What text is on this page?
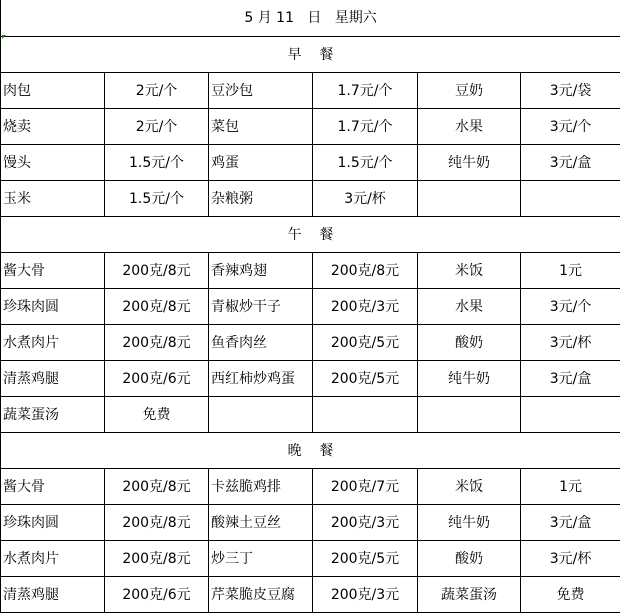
5 月 11 日 星期六					
早    餐					
肉包	2元/个	豆沙包	1.7元/个	豆奶	3元/袋
烧卖	2元/个	菜包	1.7元/个	水果	3元/个
馒头	1.5元/个	鸡蛋	1.5元/个	纯牛奶	3元/盒
玉米	1.5元/个	杂粮粥	3元/杯		
午    餐					
酱大骨	200克/8元	香辣鸡翅	200克/8元	米饭	1元
珍珠肉圆	200克/8元	青椒炒干子	200克/3元	水果	3元/个
水煮肉片	200克/8元	鱼香肉丝	200克/5元	酸奶	3元/杯
清蒸鸡腿	200克/6元	西红柿炒鸡蛋	200克/5元	纯牛奶	3元/盒
蔬菜蛋汤	免费				
晚    餐					
酱大骨	200克/8元	卡兹脆鸡排	200克/7元	米饭	1元
珍珠肉圆	200克/8元	酸辣土豆丝	200克/3元	纯牛奶	3元/盒
水煮肉片	200克/8元	炒三丁	200克/5元	酸奶	3元/杯
清蒸鸡腿	200克/6元	芹菜脆皮豆腐	200克/3元	蔬菜蛋汤	免费
